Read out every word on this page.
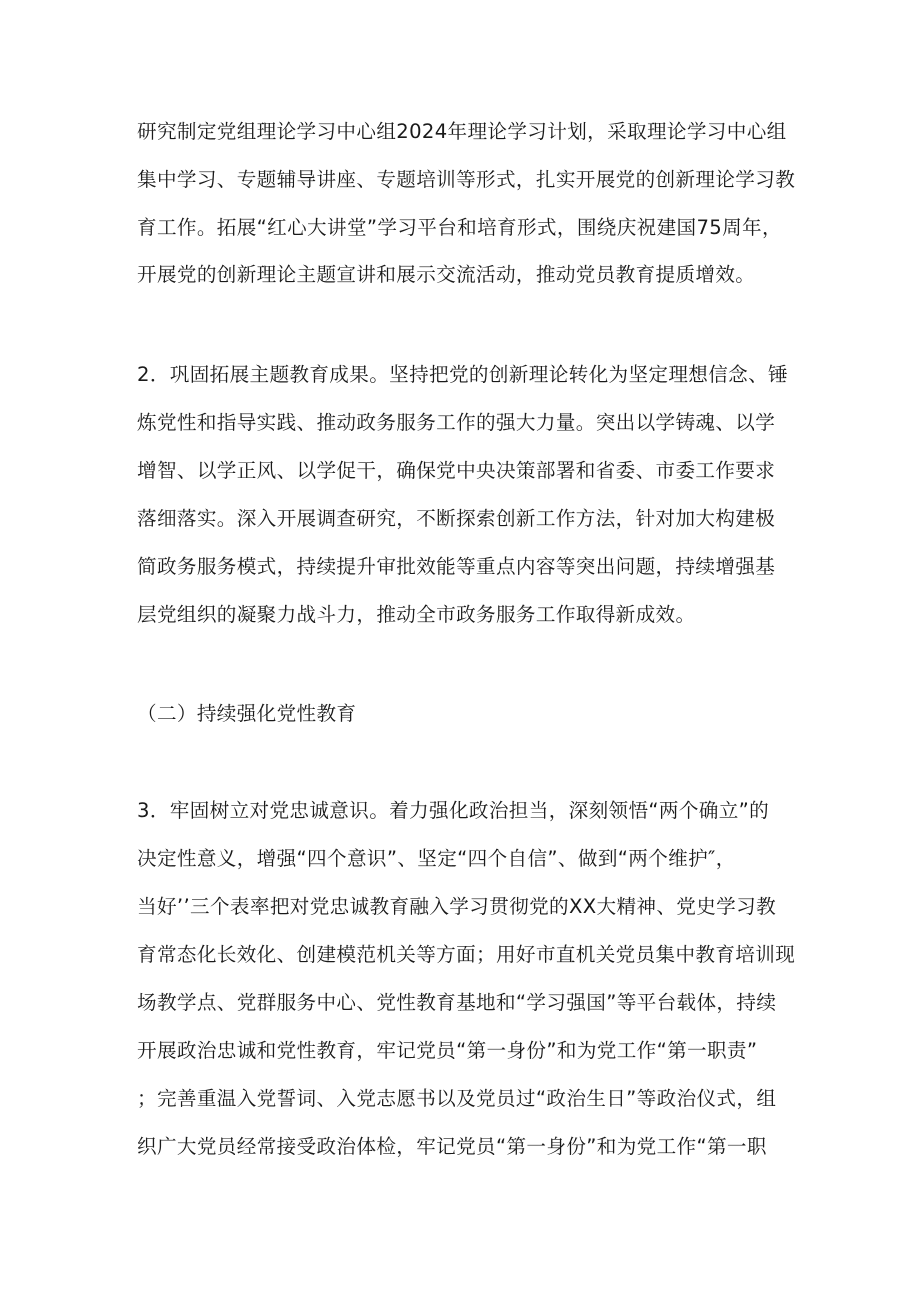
研究制定党组理论学习中心组2024年理论学习计划，采取理论学习中心组
集中学习、专题辅导讲座、专题培训等形式，扎实开展党的创新理论学习教
育工作。拓展“红心大讲堂”学习平台和培育形式，围绕庆祝建国75周年，
开展党的创新理论主题宣讲和展示交流活动，推动党员教育提质增效。
2．巩固拓展主题教育成果。坚持把党的创新理论转化为坚定理想信念、锤
炼党性和指导实践、推动政务服务工作的强大力量。突出以学铸魂、以学
增智、以学正风、以学促干，确保党中央决策部署和省委、市委工作要求
落细落实。深入开展调查研究，不断探索创新工作方法，针对加大构建极
简政务服务模式，持续提升审批效能等重点内容等突出问题，持续增强基
层党组织的凝聚力战斗力，推动全市政务服务工作取得新成效。
（二）持续强化党性教育
3．牢固树立对党忠诚意识。着力强化政治担当，深刻领悟“两个确立”的
决定性意义，增强“四个意识”、坚定“四个自信”、做到“两个维护″，
当好’’三个表率把对党忠诚教育融入学习贯彻党的XX大精神、党史学习教
育常态化长效化、创建模范机关等方面；用好市直机关党员集中教育培训现
场教学点、党群服务中心、党性教育基地和“学习强国”等平台载体，持续
开展政治忠诚和党性教育，牢记党员“第一身份”和为党工作“第一职责”
；完善重温入党誓词、入党志愿书以及党员过“政治生日”等政治仪式，组
织广大党员经常接受政治体检，牢记党员“第一身份”和为党工作“第一职
